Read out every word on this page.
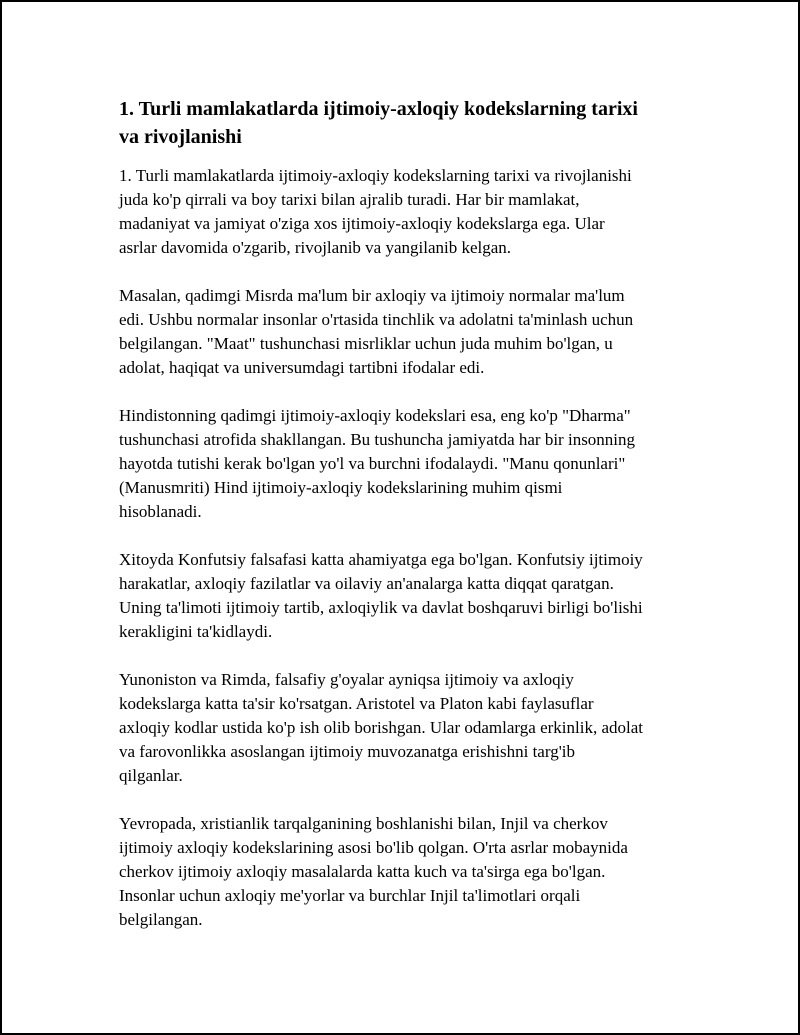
1. Turli mamlakatlarda ijtimoiy-axloqiy kodekslarning tarixi
va rivojlanishi

1. Turli mamlakatlarda ijtimoiy-axloqiy kodekslarning tarixi va rivojlanishi
juda ko'p qirrali va boy tarixi bilan ajralib turadi. Har bir mamlakat,
madaniyat va jamiyat o'ziga xos ijtimoiy-axloqiy kodekslarga ega. Ular
asrlar davomida o'zgarib, rivojlanib va yangilanib kelgan.

Masalan, qadimgi Misrda ma'lum bir axloqiy va ijtimoiy normalar ma'lum
edi. Ushbu normalar insonlar o'rtasida tinchlik va adolatni ta'minlash uchun
belgilangan. "Maat" tushunchasi misrliklar uchun juda muhim bo'lgan, u
adolat, haqiqat va universumdagi tartibni ifodalar edi.

Hindistonning qadimgi ijtimoiy-axloqiy kodekslari esa, eng ko'p "Dharma"
tushunchasi atrofida shakllangan. Bu tushuncha jamiyatda har bir insonning
hayotda tutishi kerak bo'lgan yo'l va burchni ifodalaydi. "Manu qonunlari"
(Manusmriti) Hind ijtimoiy-axloqiy kodekslarining muhim qismi
hisoblanadi.

Xitoyda Konfutsiy falsafasi katta ahamiyatga ega bo'lgan. Konfutsiy ijtimoiy
harakatlar, axloqiy fazilatlar va oilaviy an'analarga katta diqqat qaratgan.
Uning ta'limoti ijtimoiy tartib, axloqiylik va davlat boshqaruvi birligi bo'lishi
kerakligini ta'kidlaydi.

Yunoniston va Rimda, falsafiy g'oyalar ayniqsa ijtimoiy va axloqiy
kodekslarga katta ta'sir ko'rsatgan. Aristotel va Platon kabi faylasuflar
axloqiy kodlar ustida ko'p ish olib borishgan. Ular odamlarga erkinlik, adolat
va farovonlikka asoslangan ijtimoiy muvozanatga erishishni targ'ib
qilganlar.

Yevropada, xristianlik tarqalganining boshlanishi bilan, Injil va cherkov
ijtimoiy axloqiy kodekslarining asosi bo'lib qolgan. O'rta asrlar mobaynida
cherkov ijtimoiy axloqiy masalalarda katta kuch va ta'sirga ega bo'lgan.
Insonlar uchun axloqiy me'yorlar va burchlar Injil ta'limotlari orqali
belgilangan.
